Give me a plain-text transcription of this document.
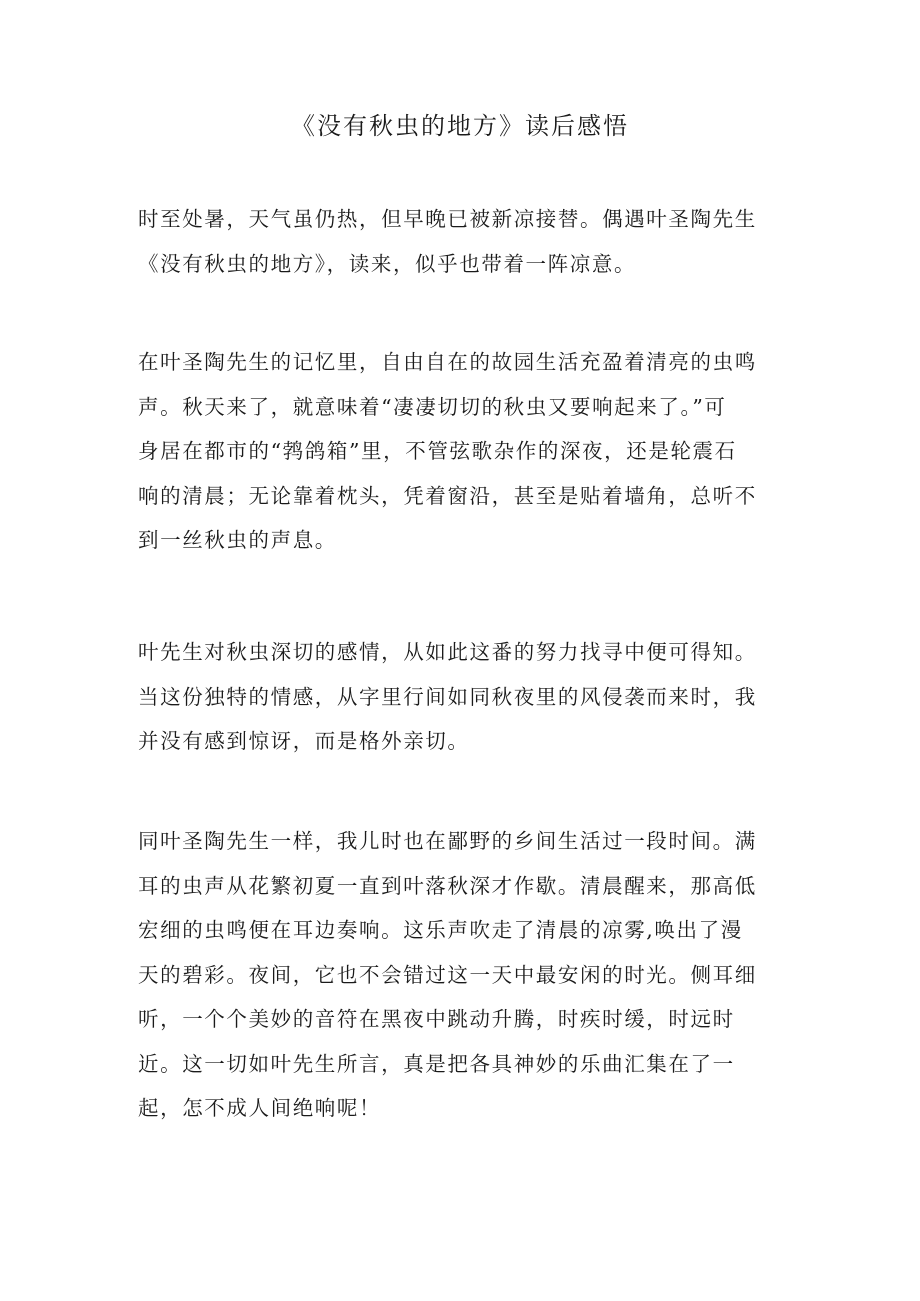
《没有秋虫的地方》读后感悟

时至处暑，天气虽仍热，但早晚已被新凉接替。偶遇叶圣陶先生
《没有秋虫的地方》，读来，似乎也带着一阵凉意。

在叶圣陶先生的记忆里，自由自在的故园生活充盈着清亮的虫鸣
声。秋天来了，就意味着“凄凄切切的秋虫又要响起来了。”可
身居在都市的“鹁鸽箱”里，不管弦歌杂作的深夜，还是轮震石
响的清晨；无论靠着枕头，凭着窗沿，甚至是贴着墙角，总听不
到一丝秋虫的声息。

叶先生对秋虫深切的感情，从如此这番的努力找寻中便可得知。
当这份独特的情感，从字里行间如同秋夜里的风侵袭而来时，我
并没有感到惊讶，而是格外亲切。

同叶圣陶先生一样，我儿时也在鄙野的乡间生活过一段时间。满
耳的虫声从花繁初夏一直到叶落秋深才作歇。清晨醒来，那高低
宏细的虫鸣便在耳边奏响。这乐声吹走了清晨的凉雾,唤出了漫
天的碧彩。夜间，它也不会错过这一天中最安闲的时光。侧耳细
听，一个个美妙的音符在黑夜中跳动升腾，时疾时缓，时远时
近。这一切如叶先生所言，真是把各具神妙的乐曲汇集在了一
起，怎不成人间绝响呢！
